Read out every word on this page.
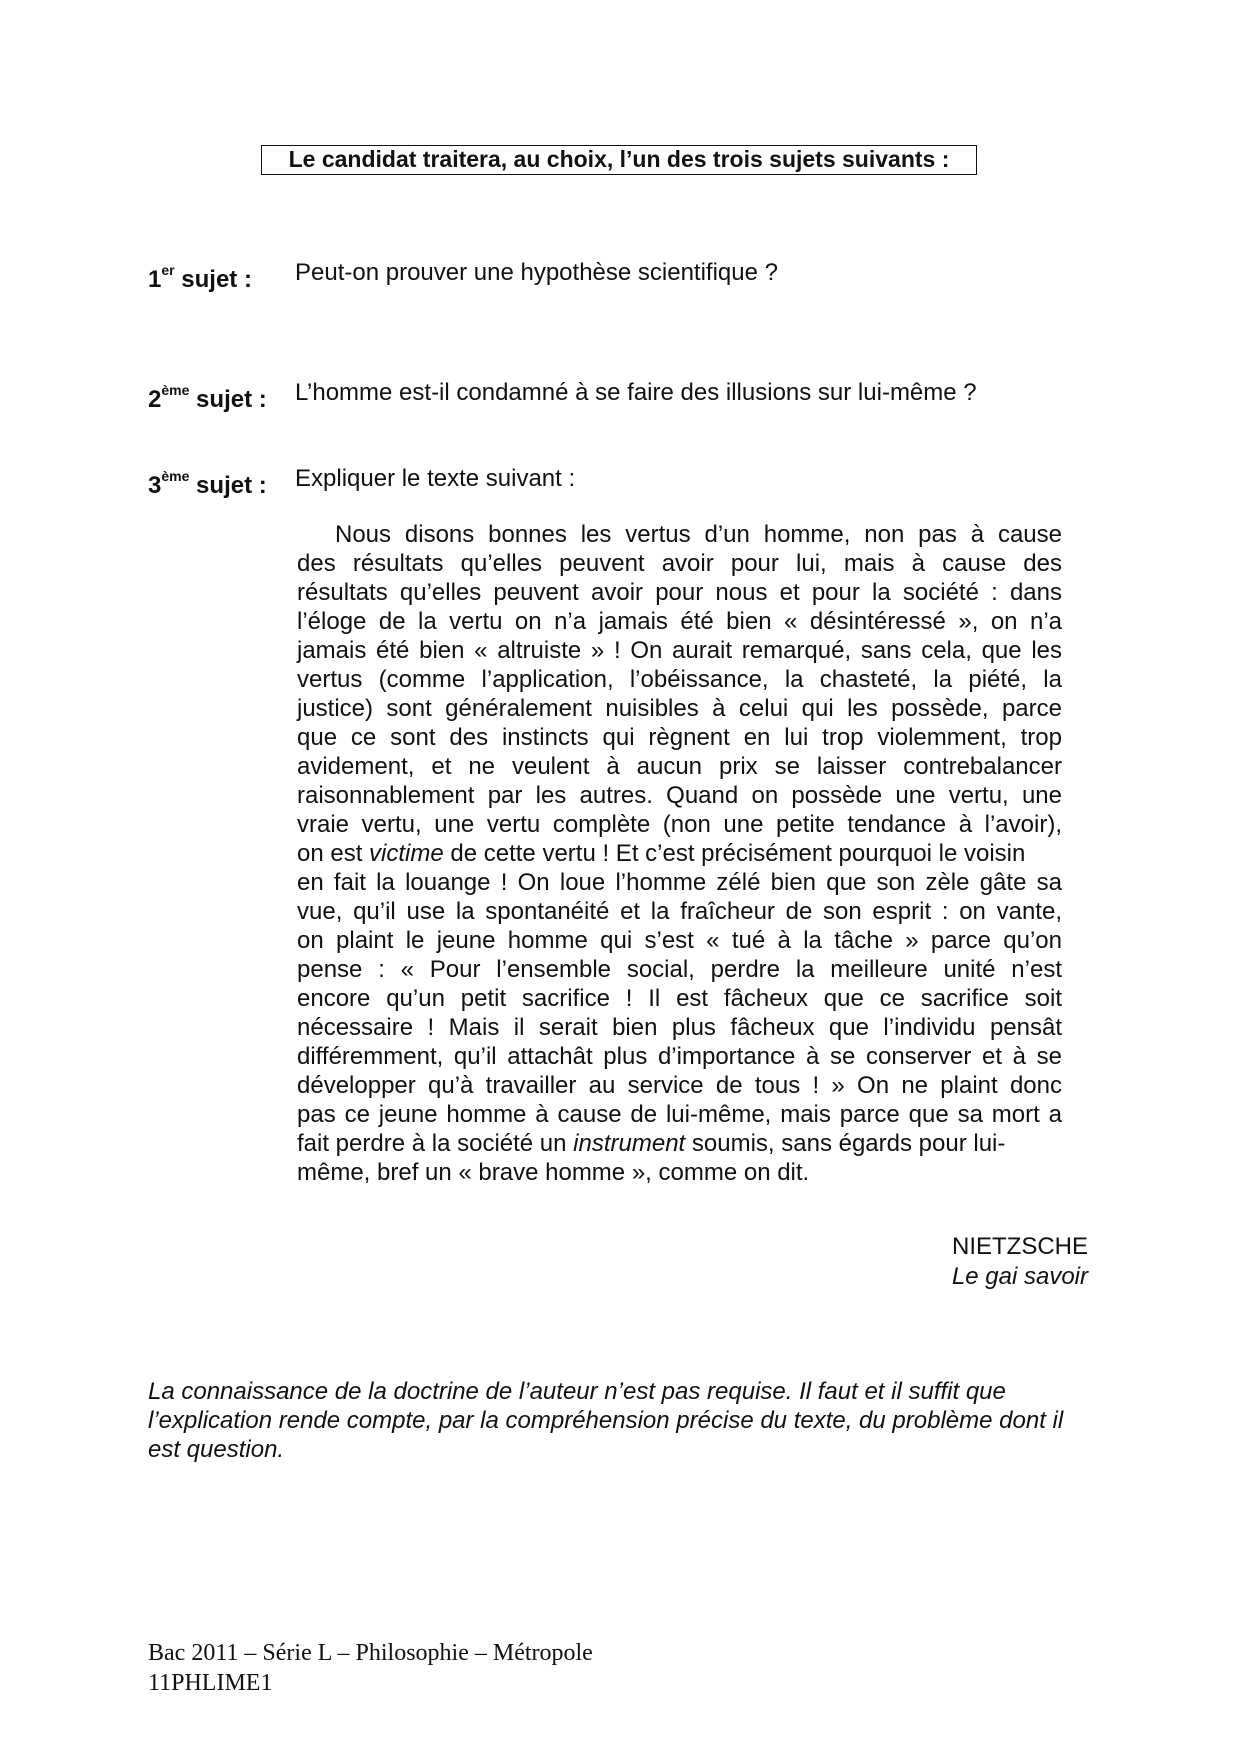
Le candidat traitera, au choix, l’un des trois sujets suivants :
1er sujet : Peut-on prouver une hypothèse scientifique ?
2ème sujet : L’homme est-il condamné à se faire des illusions sur lui-même ?
3ème sujet : Expliquer le texte suivant :
Nous disons bonnes les vertus d’un homme, non pas à cause
des résultats qu’elles peuvent avoir pour lui, mais à cause des
résultats qu’elles peuvent avoir pour nous et pour la société : dans
l’éloge de la vertu on n’a jamais été bien « désintéressé », on n’a
jamais été bien « altruiste » ! On aurait remarqué, sans cela, que les
vertus (comme l’application, l’obéissance, la chasteté, la piété, la
justice) sont généralement nuisibles à celui qui les possède, parce
que ce sont des instincts qui règnent en lui trop violemment, trop
avidement, et ne veulent à aucun prix se laisser contrebalancer
raisonnablement par les autres. Quand on possède une vertu, une
vraie vertu, une vertu complète (non une petite tendance à l’avoir),
on est victime de cette vertu ! Et c’est précisément pourquoi le voisin
en fait la louange ! On loue l’homme zélé bien que son zèle gâte sa
vue, qu’il use la spontanéité et la fraîcheur de son esprit : on vante,
on plaint le jeune homme qui s’est « tué à la tâche » parce qu’on
pense : « Pour l’ensemble social, perdre la meilleure unité n’est
encore qu’un petit sacrifice ! Il est fâcheux que ce sacrifice soit
nécessaire ! Mais il serait bien plus fâcheux que l’individu pensât
différemment, qu’il attachât plus d’importance à se conserver et à se
développer qu’à travailler au service de tous ! » On ne plaint donc
pas ce jeune homme à cause de lui-même, mais parce que sa mort a
fait perdre à la société un instrument soumis, sans égards pour lui-
même, bref un « brave homme », comme on dit.
NIETZSCHE
Le gai savoir
La connaissance de la doctrine de l’auteur n’est pas requise. Il faut et il suffit que l’explication rende compte, par la compréhension précise du texte, du problème dont il est question.
Bac 2011 – Série L – Philosophie – Métropole
11PHLIME1
